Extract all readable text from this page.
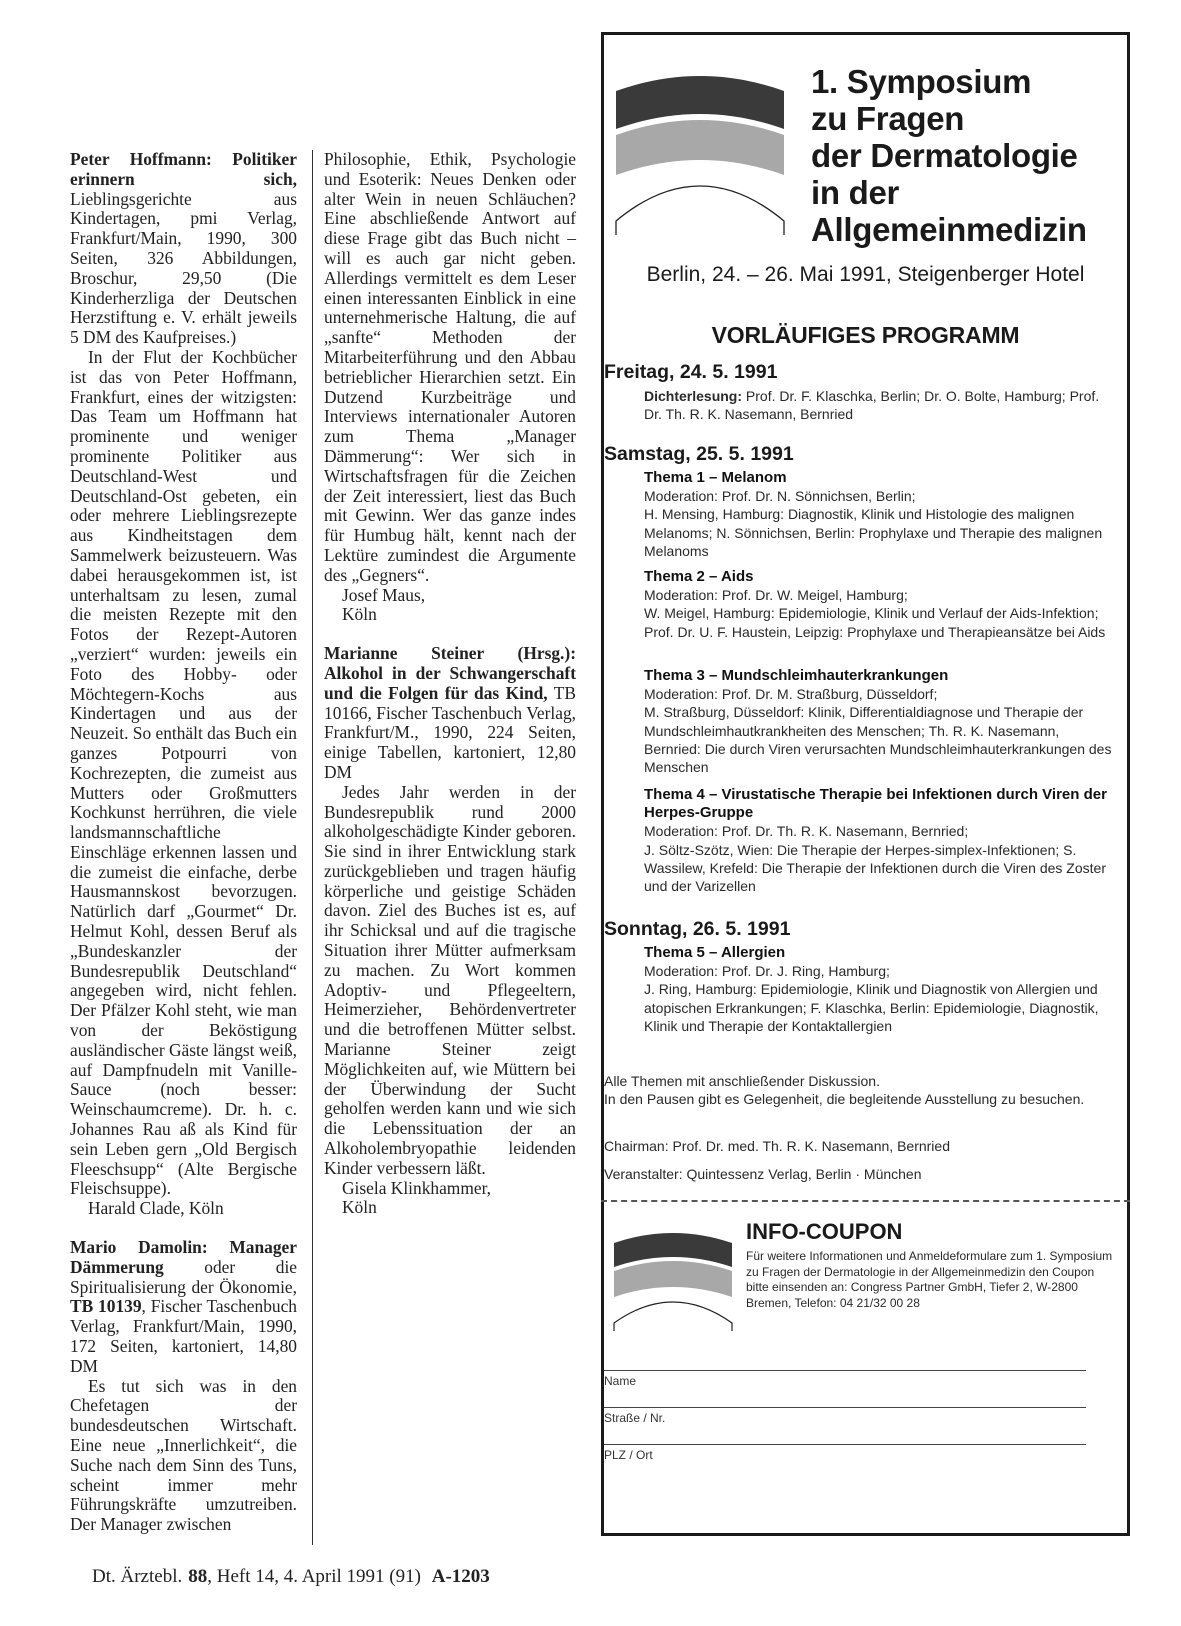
Peter Hoffmann: Politiker erinnern sich, Lieblingsgerichte aus Kindertagen, pmi Verlag, Frankfurt/Main, 1990, 300 Seiten, 326 Abbildungen, Broschur, 29,50 (Die Kinderherzliga der Deutschen Herzstiftung e. V. erhält jeweils 5 DM des Kaufpreises.)

In der Flut der Kochbücher ist das von Peter Hoffmann, Frankfurt, eines der witzigsten: Das Team um Hoffmann hat prominente und weniger prominente Politiker aus Deutschland-West und Deutschland-Ost gebeten, ein oder mehrere Lieblingsrezepte aus Kindheitstagen dem Sammelwerk beizusteuern. Was dabei herausgekommen ist, ist unterhaltsam zu lesen, zumal die meisten Rezepte mit den Fotos der Rezept-Autoren „verziert“ wurden: jeweils ein Foto des Hobby- oder Möchtegern-Kochs aus Kindertagen und aus der Neuzeit. So enthält das Buch ein ganzes Potpourri von Kochrezepten, die zumeist aus Mutters oder Großmutters Kochkunst herrühren, die viele landsmannschaftliche Einschläge erkennen lassen und die zumeist die einfache, derbe Hausmannskost bevorzugen. Natürlich darf „Gourmet“ Dr. Helmut Kohl, dessen Beruf als „Bundeskanzler der Bundesrepublik Deutschland“ angegeben wird, nicht fehlen. Der Pfälzer Kohl steht, wie man von der Beköstigung ausländischer Gäste längst weiß, auf Dampfnudeln mit Vanille-Sauce (noch besser: Weinschaumcreme). Dr. h. c. Johannes Rau aß als Kind für sein Leben gern „Old Bergisch Fleeschsupp“ (Alte Bergische Fleischsuppe).

Harald Clade, Köln

Mario Damolin: Manager Dämmerung oder die Spiritualisierung der Ökonomie, TB 10139, Fischer Taschenbuch Verlag, Frankfurt/Main, 1990, 172 Seiten, kartoniert, 14,80 DM

Es tut sich was in den Chefetagen der bundesdeutschen Wirtschaft. Eine neue „Innerlichkeit“, die Suche nach dem Sinn des Tuns, scheint immer mehr Führungskräfte umzutreiben. Der Manager zwischen

Philosophie, Ethik, Psychologie und Esoterik: Neues Denken oder alter Wein in neuen Schläuchen? Eine abschließende Antwort auf diese Frage gibt das Buch nicht – will es auch gar nicht geben. Allerdings vermittelt es dem Leser einen interessanten Einblick in eine unternehmerische Haltung, die auf „sanfte“ Methoden der Mitarbeiterführung und den Abbau betrieblicher Hierarchien setzt. Ein Dutzend Kurzbeiträge und Interviews internationaler Autoren zum Thema „Manager Dämmerung“: Wer sich in Wirtschaftsfragen für die Zeichen der Zeit interessiert, liest das Buch mit Gewinn. Wer das ganze indes für Humbug hält, kennt nach der Lektüre zumindest die Argumente des „Gegners“.

Josef Maus,

Köln

Marianne Steiner (Hrsg.): Alkohol in der Schwangerschaft und die Folgen für das Kind, TB 10166, Fischer Taschenbuch Verlag, Frankfurt/M., 1990, 224 Seiten, einige Tabellen, kartoniert, 12,80 DM

Jedes Jahr werden in der Bundesrepublik rund 2000 alkoholgeschädigte Kinder geboren. Sie sind in ihrer Entwicklung stark zurückgeblieben und tragen häufig körperliche und geistige Schäden davon. Ziel des Buches ist es, auf ihr Schicksal und auf die tragische Situation ihrer Mütter aufmerksam zu machen. Zu Wort kommen Adoptiv- und Pflegeeltern, Heimerzieher, Behördenvertreter und die betroffenen Mütter selbst. Marianne Steiner zeigt Möglichkeiten auf, wie Müttern bei der Überwindung der Sucht geholfen werden kann und wie sich die Lebenssituation der an Alkoholembryopathie leidenden Kinder verbessern läßt.

Gisela Klinkhammer,

Köln

Dt. Ärztebl. 88, Heft 14, 4. April 1991 (91) A-1203
1. Symposium
zu Fragen
der Dermatologie
in der
Allgemeinmedizin
Berlin, 24. – 26. Mai 1991, Steigenberger Hotel
VORLÄUFIGES PROGRAMM
Freitag, 24. 5. 1991
Dichterlesung: Prof. Dr. F. Klaschka, Berlin; Dr. O. Bolte, Hamburg; Prof. Dr. Th. R. K. Nasemann, Bernried
Samstag, 25. 5. 1991
Thema 1 – Melanom
Moderation: Prof. Dr. N. Sönnichsen, Berlin;
H. Mensing, Hamburg: Diagnostik, Klinik und Histologie des malignen Melanoms; N. Sönnichsen, Berlin: Prophylaxe und Therapie des malignen Melanoms
Thema 2 – Aids
Moderation: Prof. Dr. W. Meigel, Hamburg;
W. Meigel, Hamburg: Epidemiologie, Klinik und Verlauf der Aids-Infektion; Prof. Dr. U. F. Haustein, Leipzig: Prophylaxe und Therapieansätze bei Aids
Thema 3 – Mundschleimhauterkrankungen
Moderation: Prof. Dr. M. Straßburg, Düsseldorf;
M. Straßburg, Düsseldorf: Klinik, Differentialdiagnose und Therapie der Mundschleimhautkrankheiten des Menschen; Th. R. K. Nasemann, Bernried: Die durch Viren verursachten Mundschleimhauterkrankungen des Menschen
Thema 4 – Virustatische Therapie bei Infektionen durch Viren der Herpes-Gruppe
Moderation: Prof. Dr. Th. R. K. Nasemann, Bernried;
J. Söltz-Szötz, Wien: Die Therapie der Herpes-simplex-Infektionen; S. Wassilew, Krefeld: Die Therapie der Infektionen durch die Viren des Zoster und der Varizellen
Sonntag, 26. 5. 1991
Thema 5 – Allergien
Moderation: Prof. Dr. J. Ring, Hamburg;
J. Ring, Hamburg: Epidemiologie, Klinik und Diagnostik von Allergien und atopischen Erkrankungen; F. Klaschka, Berlin: Epidemiologie, Diagnostik, Klinik und Therapie der Kontaktallergien
Alle Themen mit anschließender Diskussion.
In den Pausen gibt es Gelegenheit, die begleitende Ausstellung zu besuchen.
Chairman: Prof. Dr. med. Th. R. K. Nasemann, Bernried
Veranstalter: Quintessenz Verlag, Berlin · München
INFO-COUPON
Für weitere Informationen und Anmeldeformulare zum 1. Symposium zu Fragen der Dermatologie in der Allgemeinmedizin den Coupon bitte einsenden an: Congress Partner GmbH, Tiefer 2, W-2800 Bremen, Telefon: 04 21/32 00 28
Name
Straße / Nr.
PLZ / Ort
